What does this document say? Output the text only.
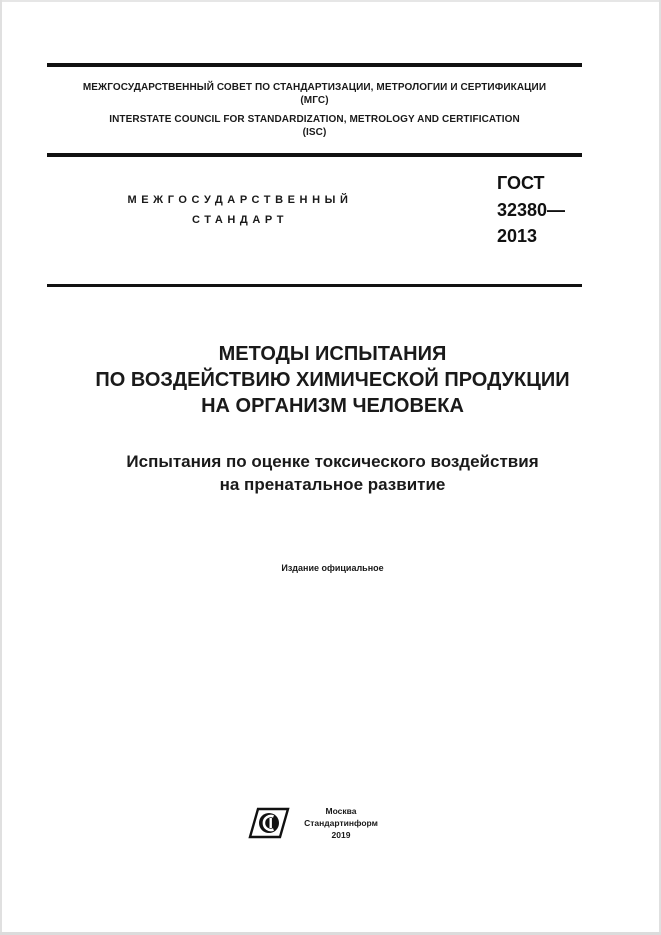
МЕЖГОСУДАРСТВЕННЫЙ СОВЕТ ПО СТАНДАРТИЗАЦИИ, МЕТРОЛОГИИ И СЕРТИФИКАЦИИ
(МГС)
INTERSTATE COUNCIL FOR STANDARDIZATION, METROLOGY AND CERTIFICATION
(ISC)
МЕЖГОСУДАРСТВЕННЫЙ
СТАНДАРТ
ГОСТ
32380—
2013
МЕТОДЫ ИСПЫТАНИЯ
ПО ВОЗДЕЙСТВИЮ ХИМИЧЕСКОЙ ПРОДУКЦИИ
НА ОРГАНИЗМ ЧЕЛОВЕКА
Испытания по оценке токсического воздействия
на пренатальное развитие
Издание официальное
Москва
Стандартинформ
2019
